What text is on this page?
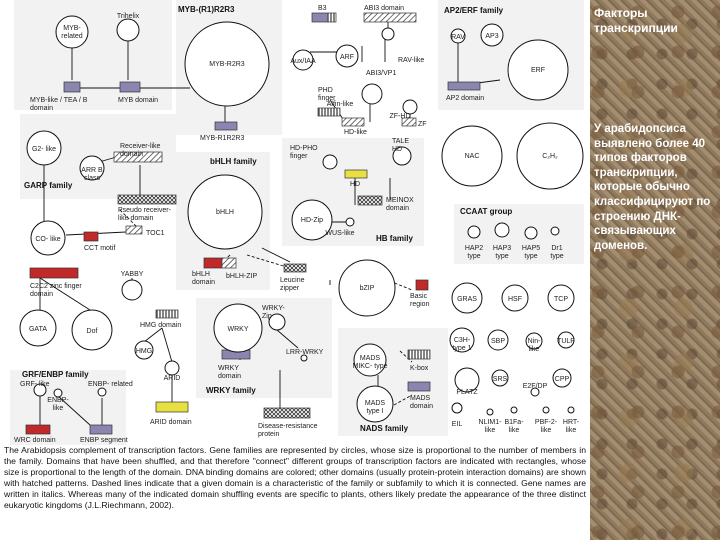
MYB-(R1)R2R3
GARP family
bHLH family
HB family
AP2/ERF family
CCAAT group
GRF/ENBP family
WRKY family
NADS family
MYB-related
Trihelix
MYB-R2R3
G2- like
ARR B class
bHLH
CO- like
YABBY
GATA	Dof
HMG
ARID
Aux/IAA
ARF
RAV	AP3
ERF
Alfin-like
ZF-HD
HD-Zip
WUS-like
bZIP
WRKY
NAC	C₂H₂
HAP2 type
HAP3 type
HAP5 type
Dr1 type
GRAS	HSF	TCP
C3H-type 1
SBP	Nin-like
TULP
SRS	CPP
PLATZ
E2F/DP
EIL NLIM1-like
B1Fa-like
PBF-2-like
HRT-like
MADS MIKC- type
MADS type I
GRF- like
ENBP-like
ENBP- related
LRR-WRKY
WRKY-Zip
HD-PHO finger
TALE HD
MYB-like / TEA / B domain
MYB domain
MYB-R1R2R3
Receiver-like domain
Pseudo receiver-like domain
TOC1
CCT motif
C2C2 zinc finger domain
HMG domain
ARID domain
bHLH domain
bHLH-ZIP
Leucine zipper
Basic region
B3	ABI3 domain
RAV-like
ABI3/VP1
AP2 domain
PHD finger
HD-like
ZF
HD
MEINOX domain
K-box
MADS domain
WRKY domain
Disease-resistance protein
WRC domain	ENBP segment
The Arabidopsis complement of transcription factors. Gene families are represented by circles, whose size is proportional to the number of members in the family. Domains that have been shuffled, and that therefore "connect" different groups of transcription factors are indicated with rectangles, whose size is proportional to the length of the domain. DNA binding domains are colored; other domains (usually protein-protein interaction domains) are shown with hatched patterns. Dashed lines indicate that a given domain is a characteristic of the family or subfamily to which it is connected. Gene names are written in italics. Whereas many of the indicated domain shuffling events are specific to plants, others likely predate the appearance of the three distinct eukaryotic kingdoms (J.L.Riechmann, 2002).
Факторы транскрипции
У арабидопсиса выявлено более 40 типов факторов транскрипции, которые обычно классифицируют по строению ДНК-связывающих доменов.
